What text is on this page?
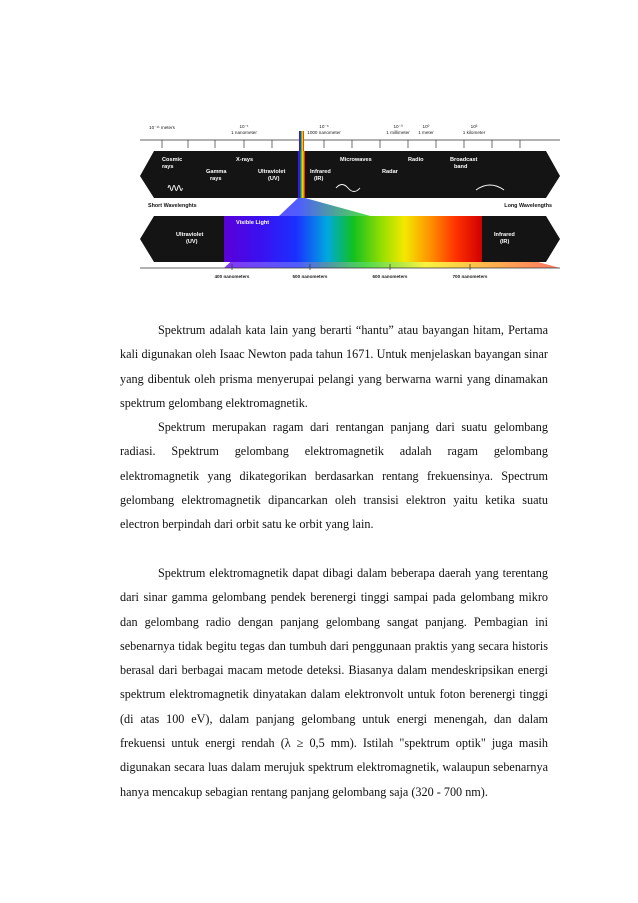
10⁻¹¹ meters	10⁻¹
1 nanometer
10⁻⁶
1000 nanometer
10⁻³
1 millimeter
10⁰
1 meter
10³
1 kilometer
Cosmic
rays
Gamma
rays
X-rays
Ultraviolet
(UV)
Infrared
(IR)
Microwaves
Radar
Radio	Broadcast
band
Short Wavelenghts	Long Wavelengths
Visible Light
Ultraviolet
(UV)
Infrared
(IR)
400 nanometers	500 nanometers	600 nanometers	700 nanometers

Spektrum adalah kata lain yang berarti “hantu” atau bayangan hitam, Pertama kali digunakan oleh Isaac Newton pada tahun 1671. Untuk menjelaskan bayangan sinar yang dibentuk oleh prisma menyerupai pelangi yang berwarna warni yang dinamakan spektrum gelombang elektromagnetik.

Spektrum merupakan ragam dari rentangan panjang dari suatu gelombang radiasi. Spektrum gelombang elektromagnetik adalah ragam gelombang elektromagnetik yang dikategorikan berdasarkan rentang frekuensinya. Spectrum gelombang elektromagnetik dipancarkan oleh transisi elektron yaitu ketika suatu electron berpindah dari orbit satu ke orbit yang lain.

Spektrum elektromagnetik dapat dibagi dalam beberapa daerah yang terentang dari sinar gamma gelombang pendek berenergi tinggi sampai pada gelombang mikro dan gelombang radio dengan panjang gelombang sangat panjang. Pembagian ini sebenarnya tidak begitu tegas dan tumbuh dari penggunaan praktis yang secara historis berasal dari berbagai macam metode deteksi. Biasanya dalam mendeskripsikan energi spektrum elektromagnetik dinyatakan dalam elektronvolt untuk foton berenergi tinggi (di atas 100 eV), dalam panjang gelombang untuk energi menengah, dan dalam frekuensi untuk energi rendah (λ ≥ 0,5 mm). Istilah "spektrum optik" juga masih digunakan secara luas dalam merujuk spektrum elektromagnetik, walaupun sebenarnya hanya mencakup sebagian rentang panjang gelombang saja (320 - 700 nm).
